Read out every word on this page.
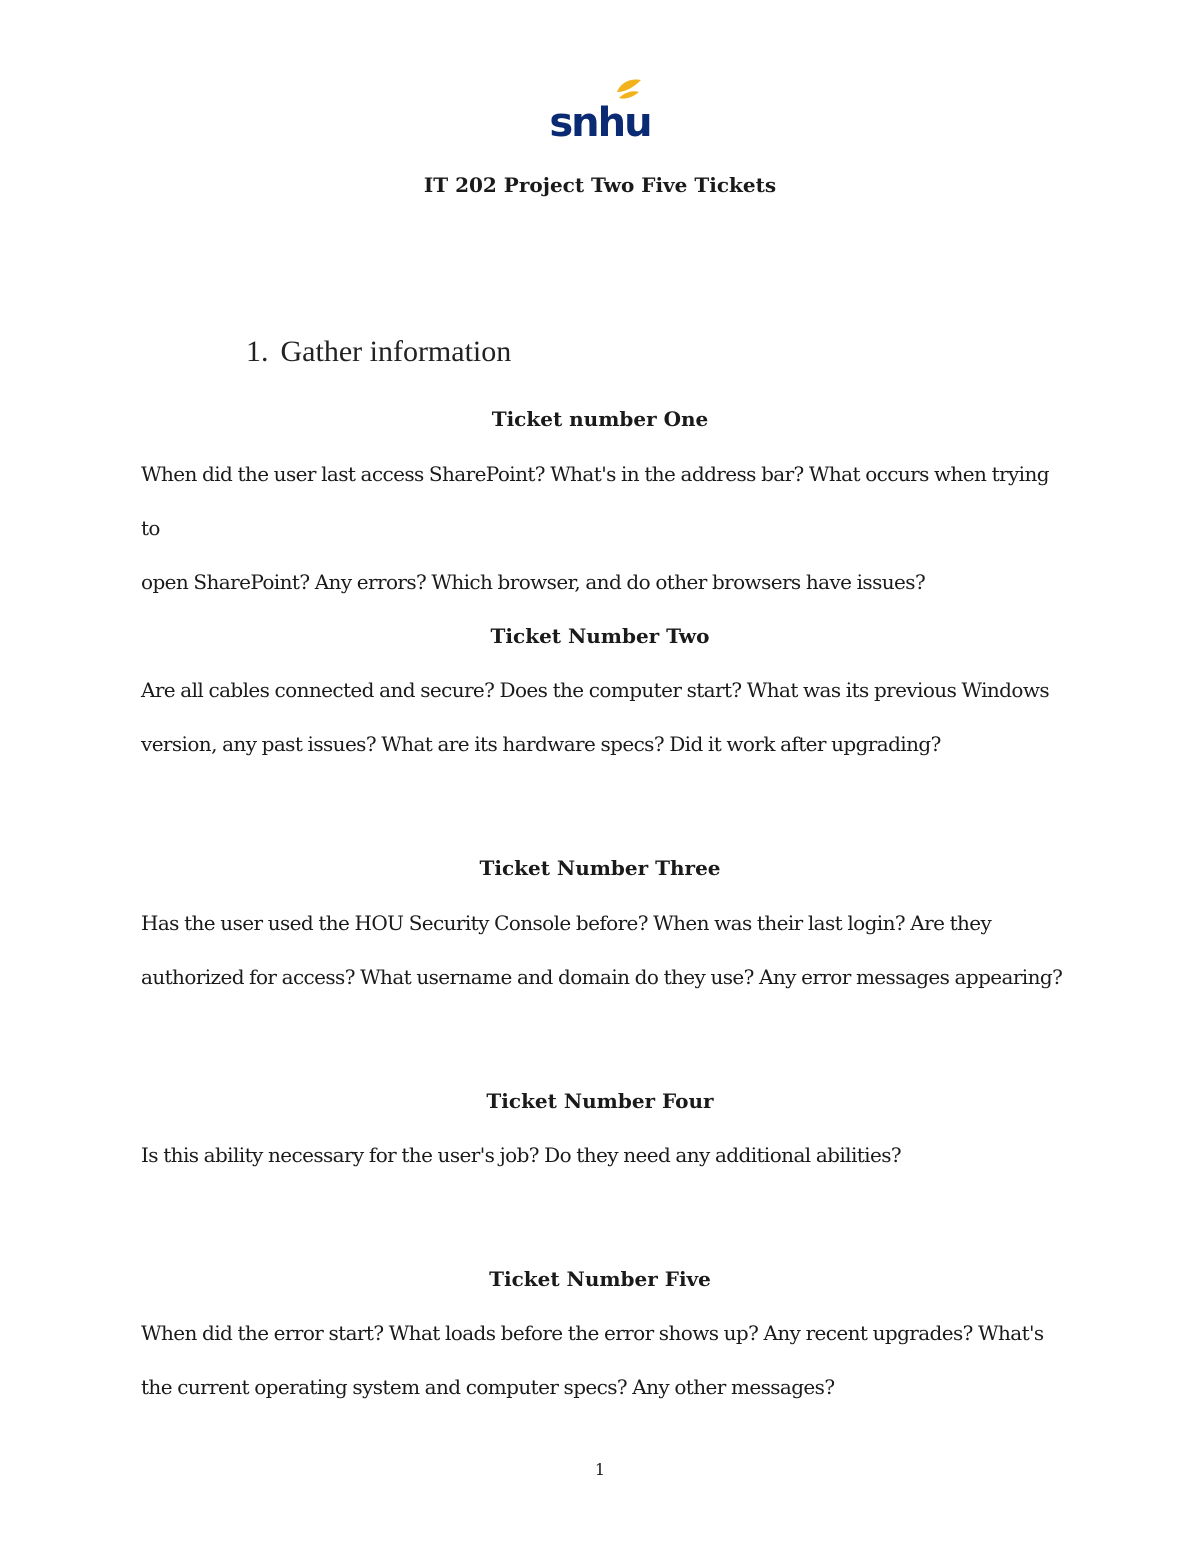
snhu
IT 202 Project Two Five Tickets
1. Gather information
Ticket number One
When did the user last access SharePoint? What's in the address bar? What occurs when trying to
open SharePoint? Any errors? Which browser, and do other browsers have issues?
Ticket Number Two
Are all cables connected and secure? Does the computer start? What was its previous Windows
version, any past issues? What are its hardware specs? Did it work after upgrading?
Ticket Number Three
Has the user used the HOU Security Console before? When was their last login? Are they
authorized for access? What username and domain do they use? Any error messages appearing?
Ticket Number Four
Is this ability necessary for the user's job? Do they need any additional abilities?
Ticket Number Five
When did the error start? What loads before the error shows up? Any recent upgrades? What's
the current operating system and computer specs? Any other messages?
1
